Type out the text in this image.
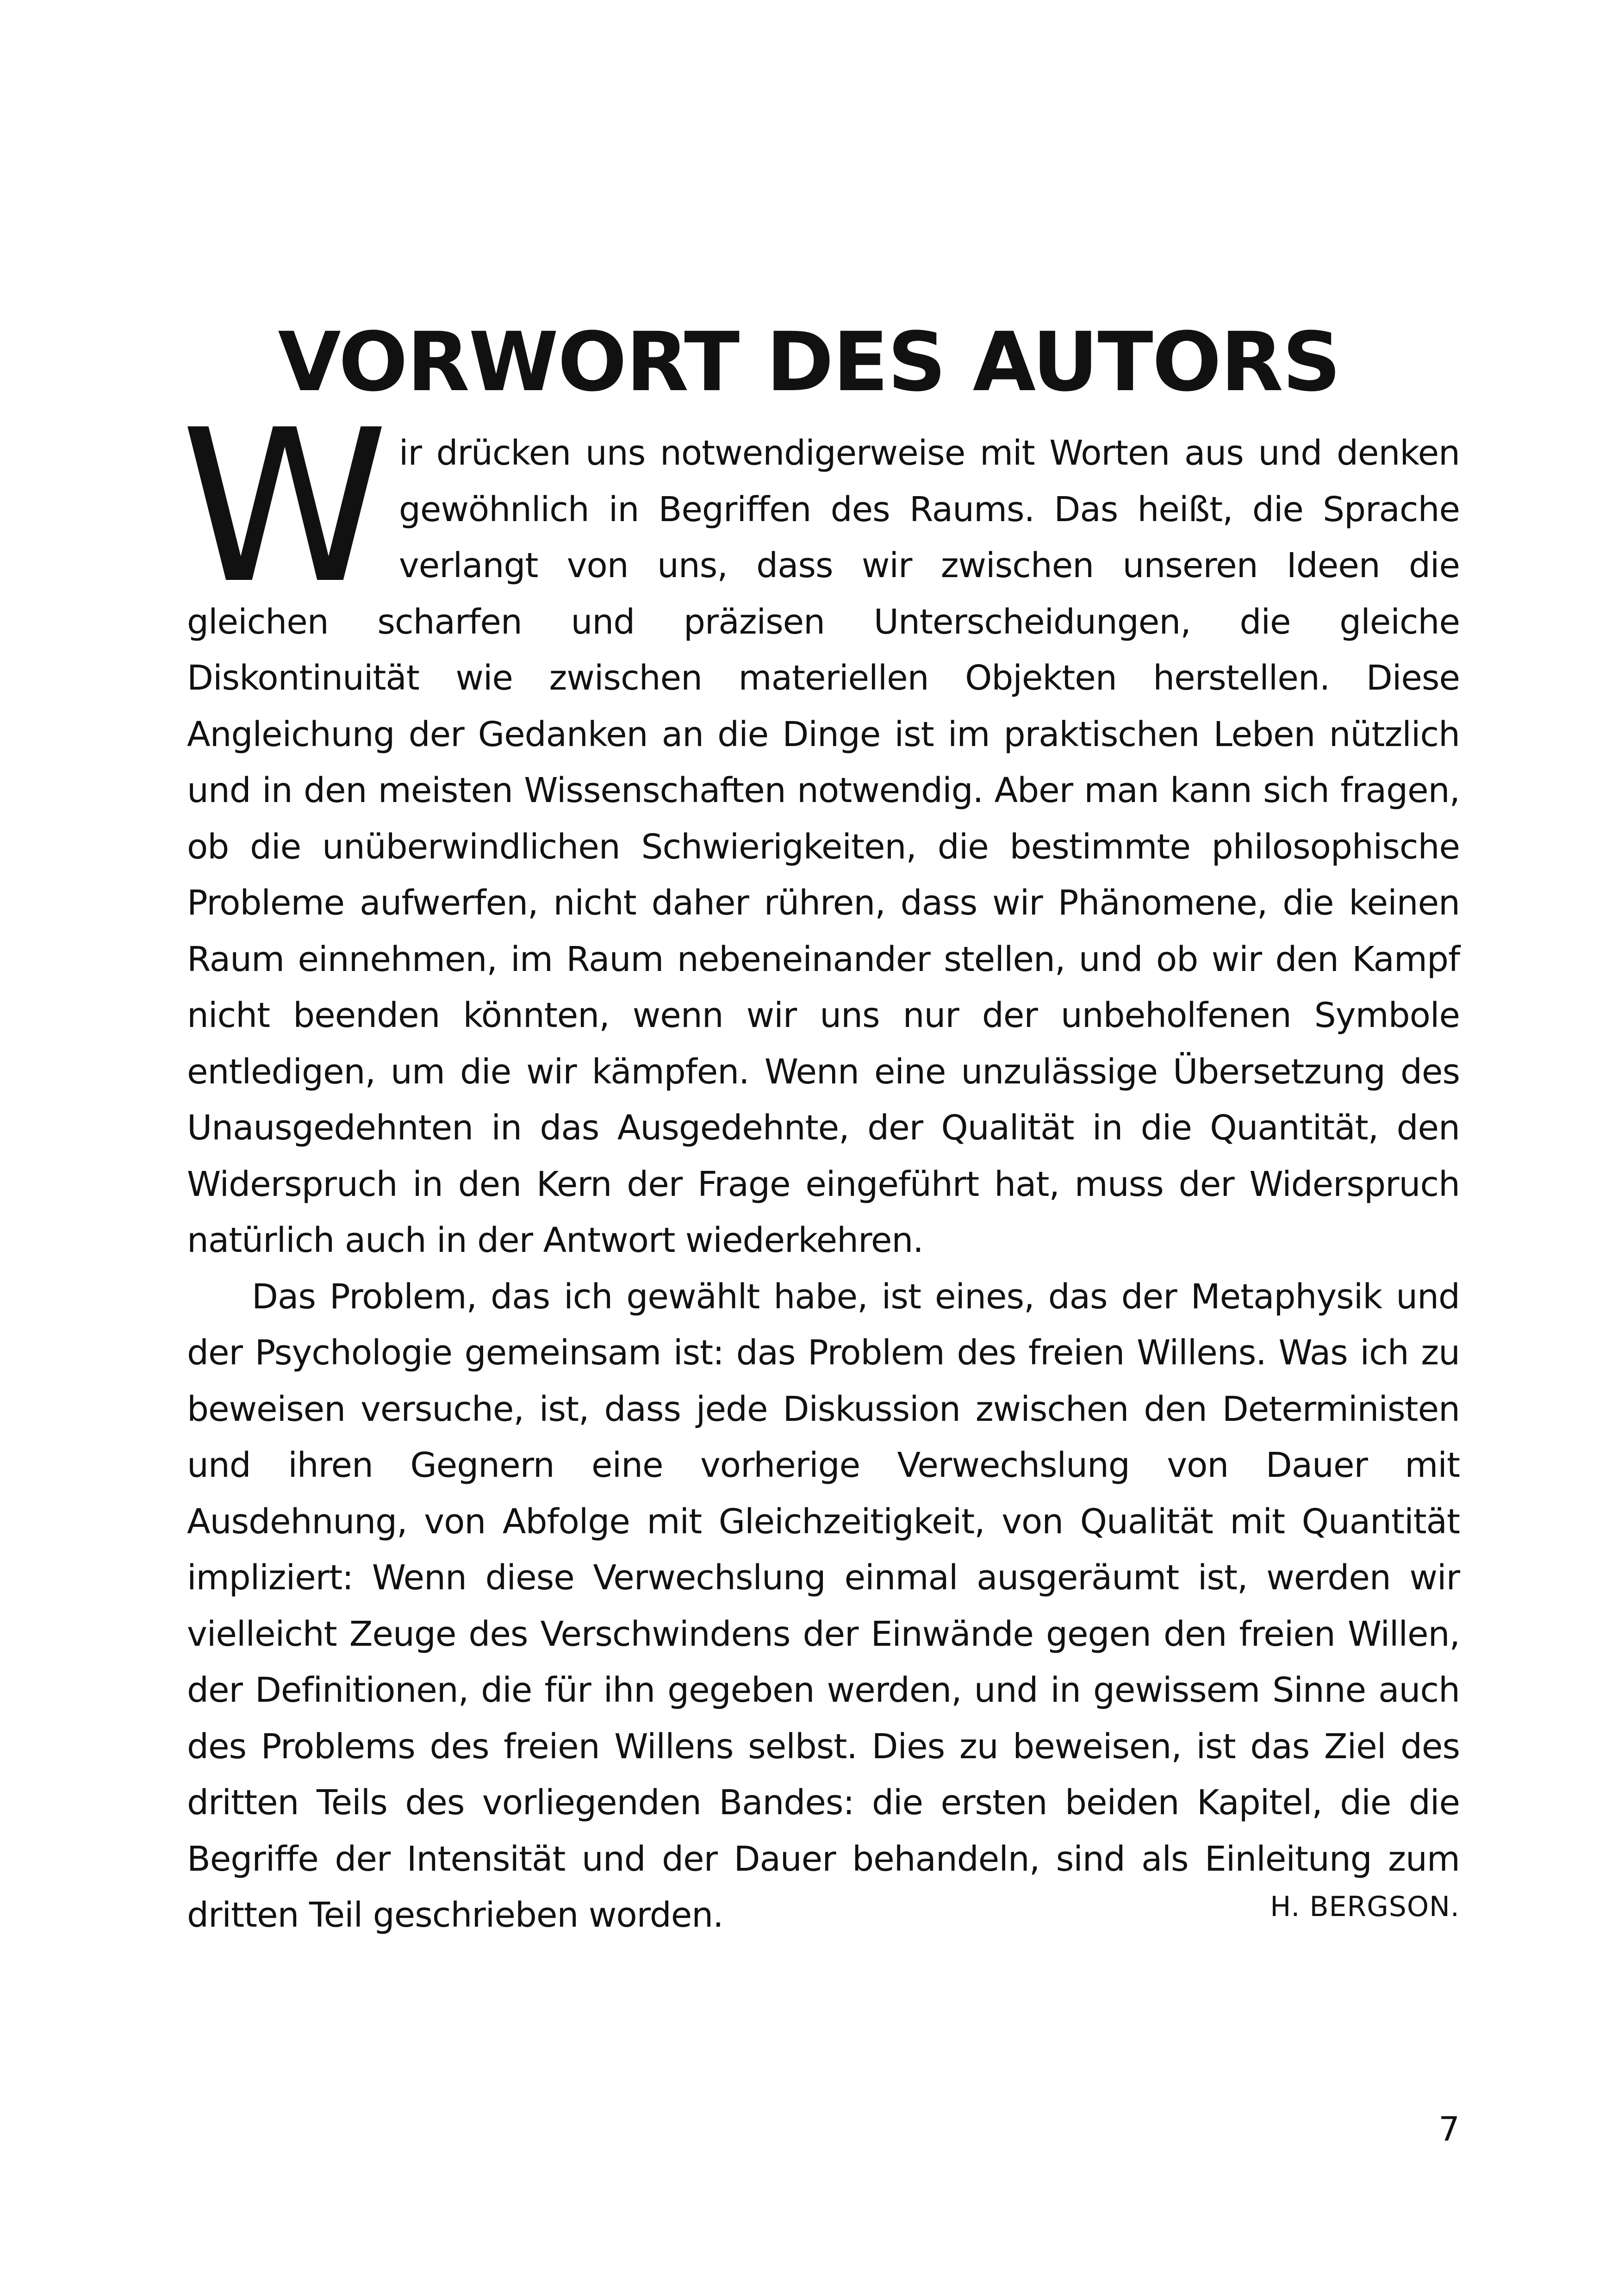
VORWORT DES AUTORS

Wir drücken uns notwendigerweise mit Worten aus und denken gewöhnlich in Begriffen des Raums. Das heißt, die Sprache verlangt von uns, dass wir zwischen unseren Ideen die gleichen scharfen und präzisen Unterscheidungen, die gleiche Diskontinuität wie zwischen materiellen Objekten herstellen. Diese Angleichung der Gedanken an die Dinge ist im praktischen Leben nützlich und in den meisten Wissenschaften notwendig. Aber man kann sich fragen, ob die unüberwindlichen Schwierigkeiten, die bestimmte philosophische Probleme aufwerfen, nicht daher rühren, dass wir Phänomene, die keinen Raum einnehmen, im Raum nebeneinander stellen, und ob wir den Kampf nicht beenden könnten, wenn wir uns nur der unbeholfenen Symbole entledigen, um die wir kämpfen. Wenn eine unzulässige Übersetzung des Unausgedehnten in das Ausgedehnte, der Qualität in die Quantität, den Widerspruch in den Kern der Frage eingeführt hat, muss der Widerspruch natürlich auch in der Antwort wiederkehren.

Das Problem, das ich gewählt habe, ist eines, das der Metaphysik und der Psychologie gemeinsam ist: das Problem des freien Willens. Was ich zu beweisen versuche, ist, dass jede Diskussion zwischen den Deterministen und ihren Gegnern eine vorherige Verwechslung von Dauer mit Ausdehnung, von Abfolge mit Gleichzeitigkeit, von Qualität mit Quantität impliziert: Wenn diese Verwechslung einmal ausgeräumt ist, werden wir vielleicht Zeuge des Verschwindens der Einwände gegen den freien Willen, der Definitionen, die für ihn gegeben werden, und in gewissem Sinne auch des Problems des freien Willens selbst. Dies zu beweisen, ist das Ziel des dritten Teils des vorliegenden Bandes: die ersten beiden Kapitel, die die Begriffe der Intensität und der Dauer behandeln, sind als Einleitung zum dritten Teil geschrieben worden.	H. BERGSON.
7
